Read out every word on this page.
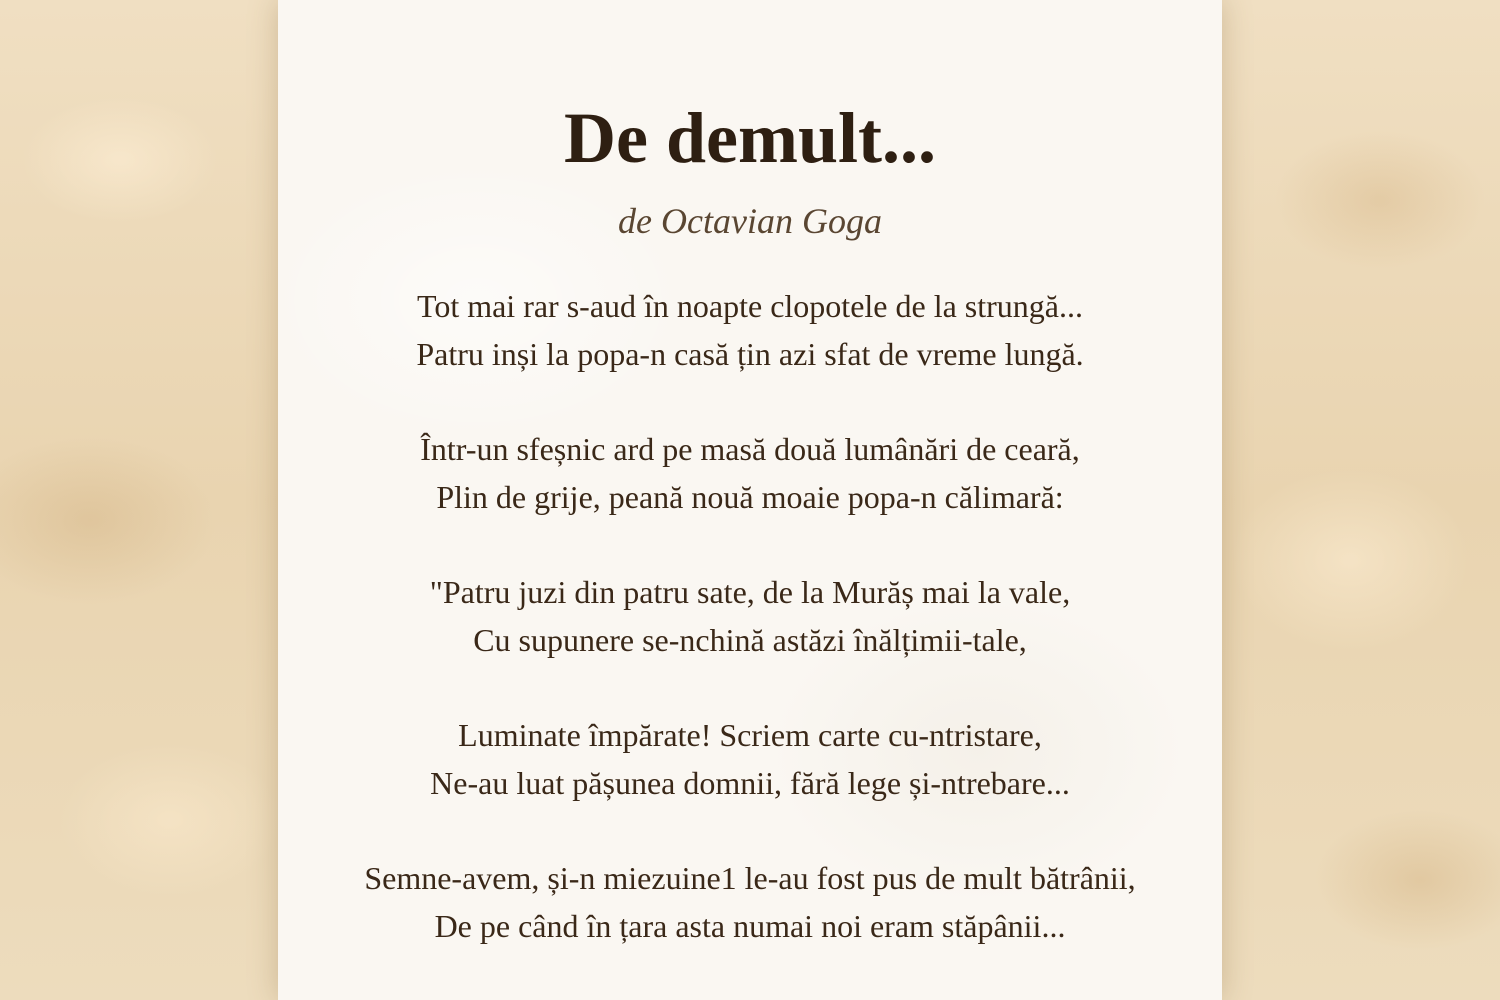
De demult...

de Octavian Goga

Tot mai rar s-aud în noapte clopotele de la strungă...
Patru inși la popa-n casă țin azi sfat de vreme lungă.
Într-un sfeșnic ard pe masă două lumânări de ceară,
Plin de grije, peană nouă moaie popa-n călimară:
"Patru juzi din patru sate, de la Murăș mai la vale,
Cu supunere se-nchină astăzi înălțimii-tale,
Luminate împărate! Scriem carte cu-ntristare,
Ne-au luat pășunea domnii, fără lege și-ntrebare...
Semne-avem, și-n miezuine1 le-au fost pus de mult bătrânii,
De pe când în țara asta numai noi eram stăpânii...
